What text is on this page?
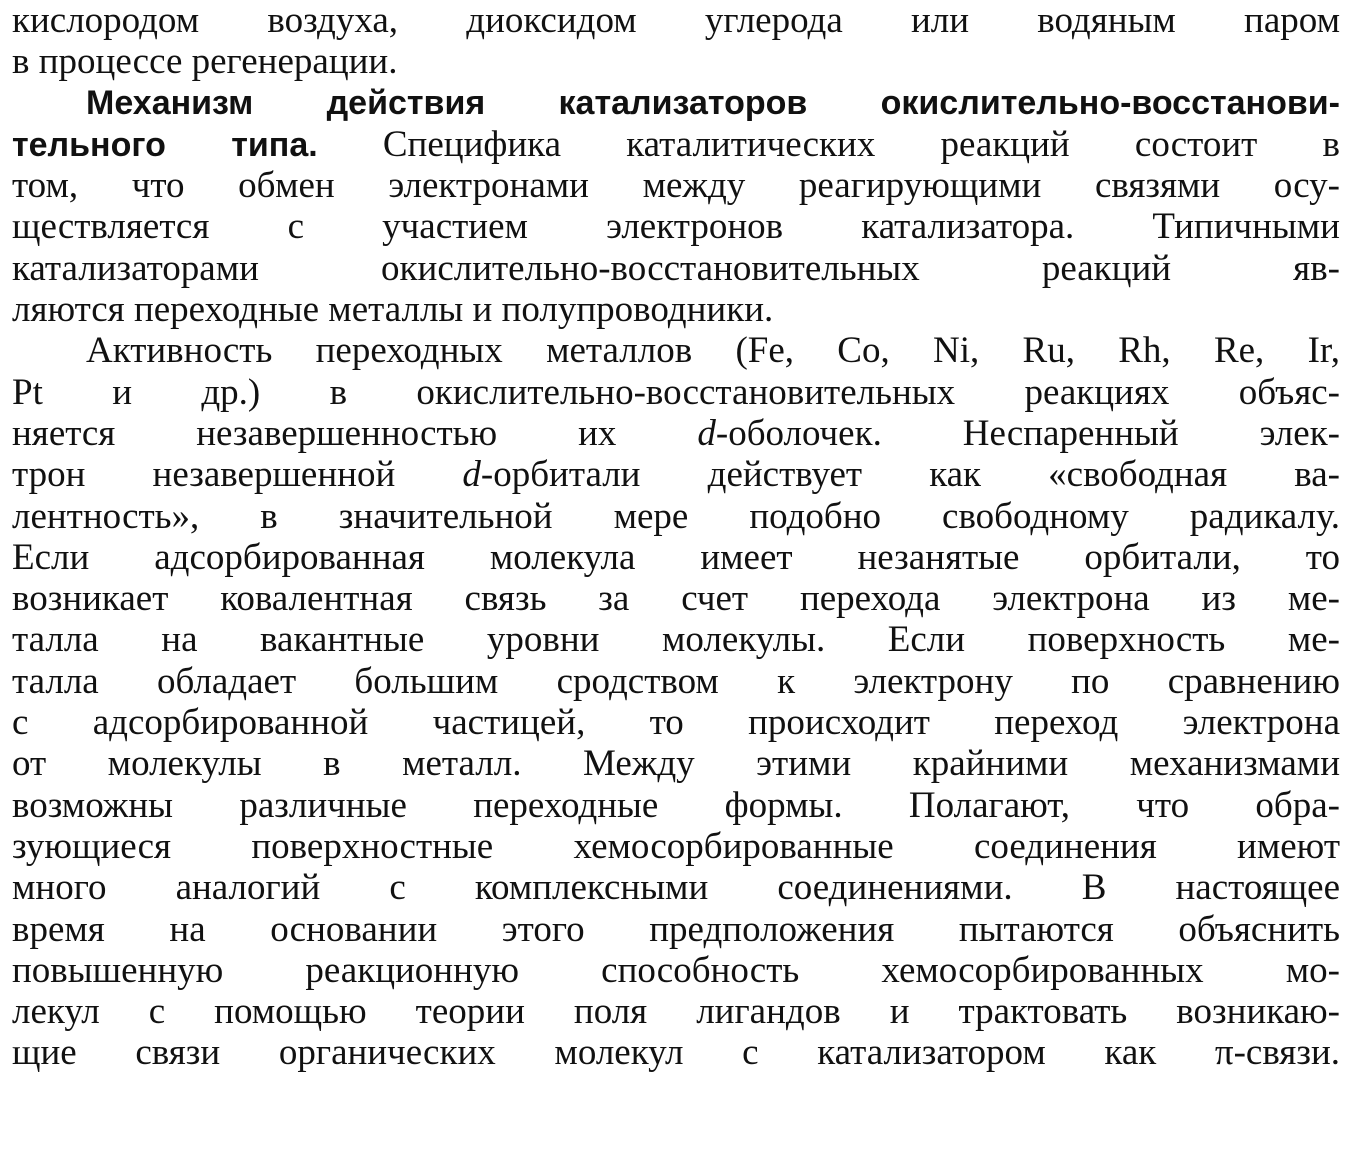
кислородом воздуха, диоксидом углерода или водяным паром
в процессе регенерации.
Механизм действия катализаторов окислительно-восстанови-
тельного типа. Специфика каталитических реакций состоит в
том, что обмен электронами между реагирующими связями осу-
ществляется с участием электронов катализатора. Типичными
катализаторами окислительно-восстановительных реакций яв-
ляются переходные металлы и полупроводники.
Активность переходных металлов (Fe, Co, Ni, Ru, Rh, Re, Ir,
Pt и др.) в окислительно-восстановительных реакциях объяс-
няется незавершенностью их d-оболочек. Неспаренный элек-
трон незавершенной d-орбитали действует как «свободная ва-
лентность», в значительной мере подобно свободному радикалу.
Если адсорбированная молекула имеет незанятые орбитали, то
возникает ковалентная связь за счет перехода электрона из ме-
талла на вакантные уровни молекулы. Если поверхность ме-
талла обладает большим сродством к электрону по сравнению
с адсорбированной частицей, то происходит переход электрона
от молекулы в металл. Между этими крайними механизмами
возможны различные переходные формы. Полагают, что обра-
зующиеся поверхностные хемосорбированные соединения имеют
много аналогий с комплексными соединениями. В настоящее
время на основании этого предположения пытаются объяснить
повышенную реакционную способность хемосорбированных мо-
лекул с помощью теории поля лигандов и трактовать возникаю-
щие связи органических молекул с катализатором как π-связи.
